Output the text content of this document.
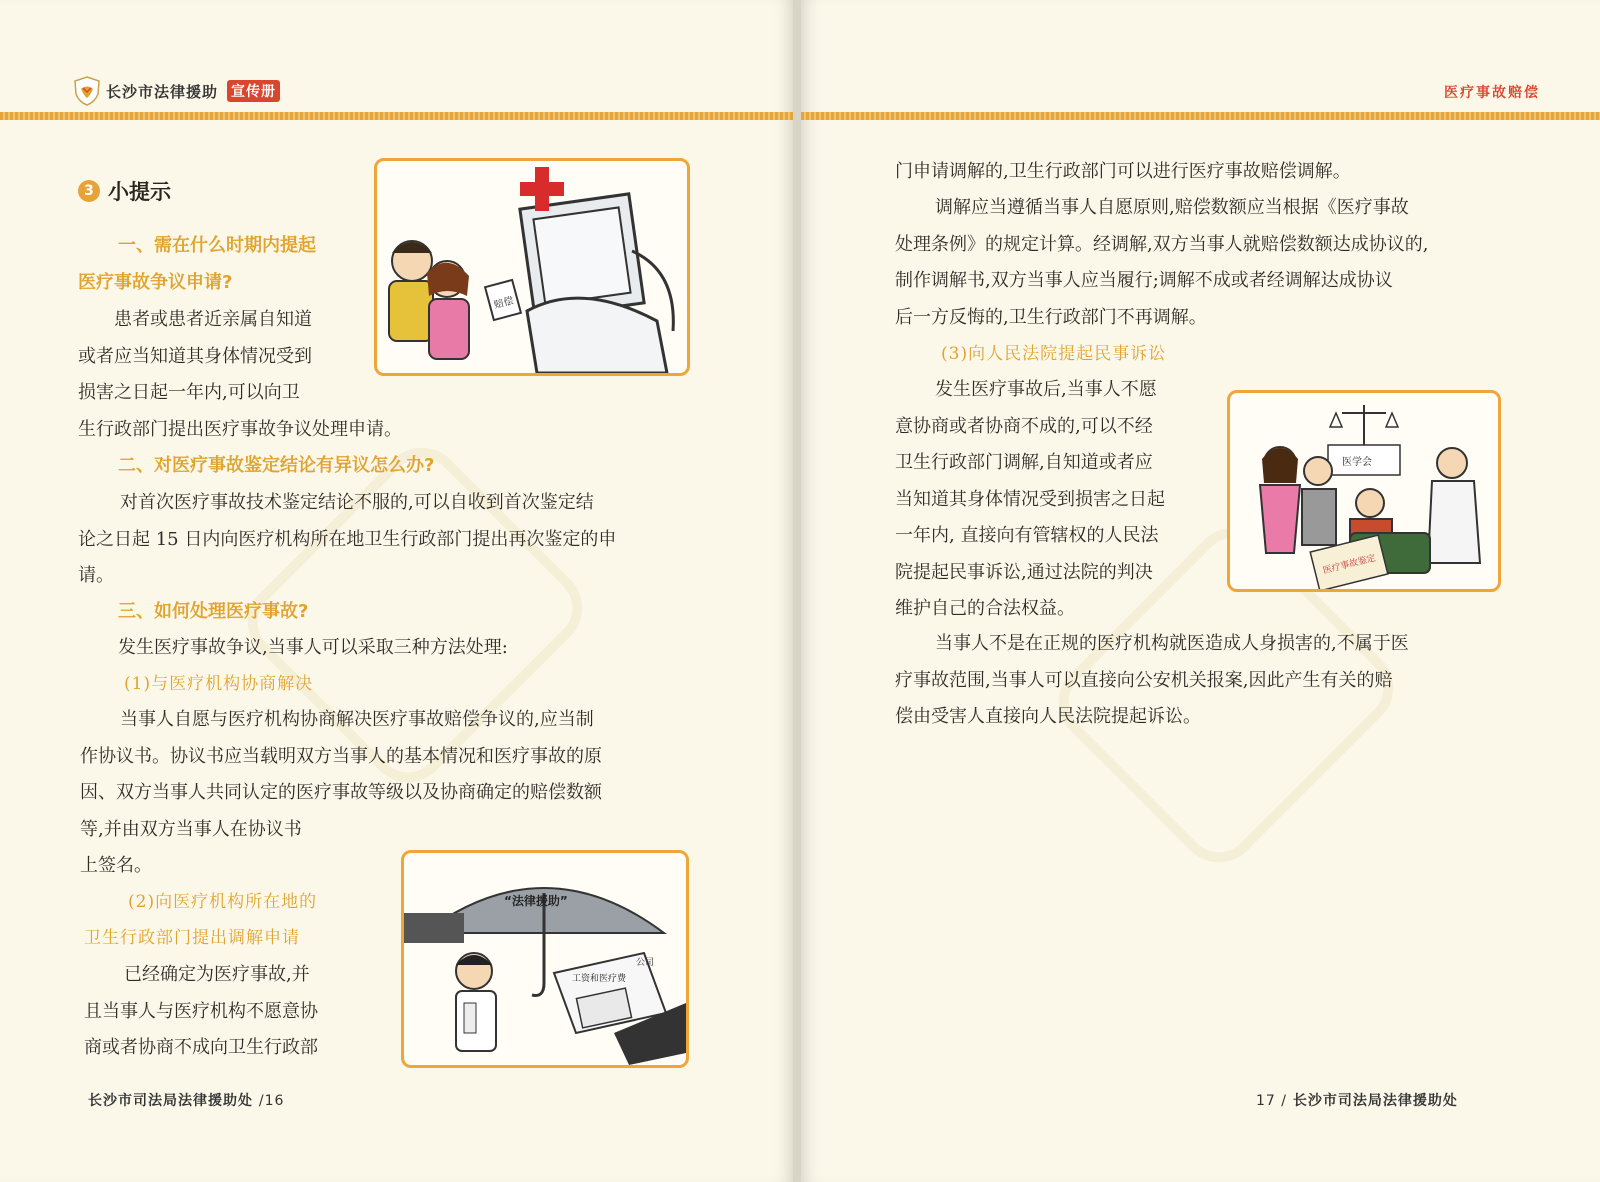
长沙市法律援助 宣传册
3 小提示
赔偿
一、需在什么时期内提起
医疗事故争议申请?
患者或患者近亲属自知道
或者应当知道其身体情况受到
损害之日起一年内,可以向卫
生行政部门提出医疗事故争议处理申请。
二、对医疗事故鉴定结论有异议怎么办?
对首次医疗事故技术鉴定结论不服的,可以自收到首次鉴定结
论之日起 15 日内向医疗机构所在地卫生行政部门提出再次鉴定的申
请。
三、如何处理医疗事故?
发生医疗事故争议,当事人可以采取三种方法处理:
(1)与医疗机构协商解决
当事人自愿与医疗机构协商解决医疗事故赔偿争议的,应当制
作协议书。协议书应当载明双方当事人的基本情况和医疗事故的原
因、双方当事人共同认定的医疗事故等级以及协商确定的赔偿数额
等,并由双方当事人在协议书
上签名。
(2)向医疗机构所在地的
卫生行政部门提出调解申请
已经确定为医疗事故,并
且当事人与医疗机构不愿意协
商或者协商不成向卫生行政部
“法律援助”
工资和医疗费
公司
长沙市司法局法律援助处 /16
医疗事故赔偿
门申请调解的,卫生行政部门可以进行医疗事故赔偿调解。
调解应当遵循当事人自愿原则,赔偿数额应当根据《医疗事故
处理条例》的规定计算。经调解,双方当事人就赔偿数额达成协议的,
制作调解书,双方当事人应当履行;调解不成或者经调解达成协议
后一方反悔的,卫生行政部门不再调解。
(3)向人民法院提起民事诉讼
发生医疗事故后,当事人不愿
意协商或者协商不成的,可以不经
卫生行政部门调解,自知道或者应
当知道其身体情况受到损害之日起
一年内, 直接向有管辖权的人民法
院提起民事诉讼,通过法院的判决
维护自己的合法权益。
医学会
医疗事故鉴定
当事人不是在正规的医疗机构就医造成人身损害的,不属于医
疗事故范围,当事人可以直接向公安机关报案,因此产生有关的赔
偿由受害人直接向人民法院提起诉讼。
17 / 长沙市司法局法律援助处
